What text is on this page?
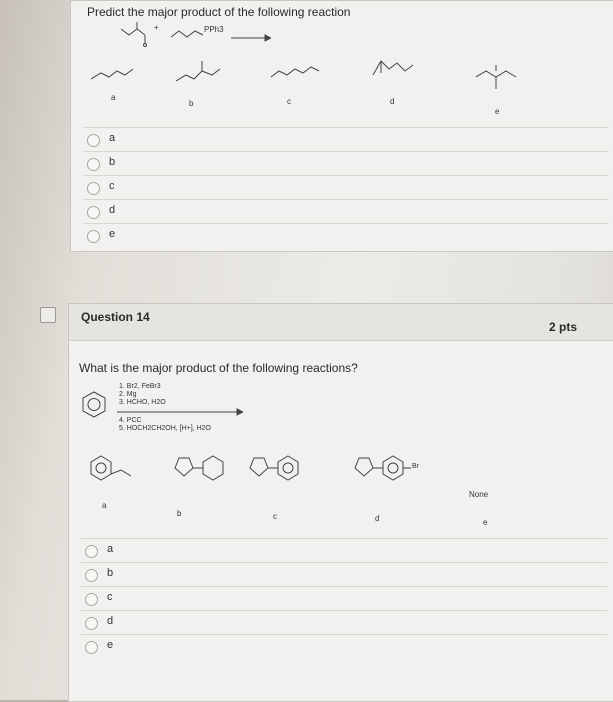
Predict the major product of the following reaction
+	PPh3
a
b	c	d
e
a
b
c
d
e
Question 14
2 pts
What is the major product of the following reactions?
1. Br2, FeBr3
2. Mg
3. HCHO, H2O
4. PCC
5. HOCH2CH2OH, [H+], H2O
Br
None
a
b	c	d	e
a
b
c
d
e
